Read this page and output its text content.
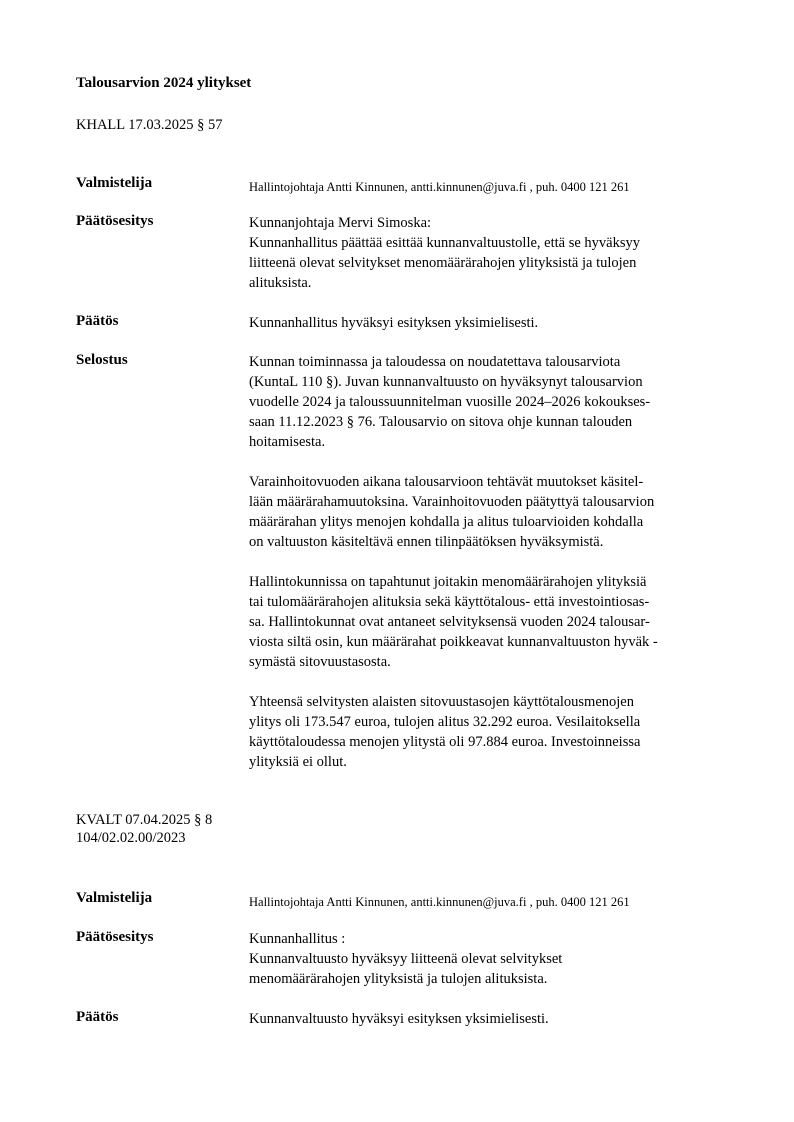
Talousarvion 2024 ylitykset
KHALL 17.03.2025 § 57
Valmistelija	Hallintojohtaja Antti Kinnunen, antti.kinnunen@juva.fi , puh. 0400 121 261
Päätösesitys	Kunnanjohtaja Mervi Simoska:

Kunnanhallitus päättää esittää kunnanvaltuustolle, että se hyväksyy

liitteenä olevat selvitykset menomäärärahojen ylityksistä ja tulojen

alituksista.

Päätös	Kunnanhallitus hyväksyi esityksen yksimielisesti.
Selostus	Kunnan toiminnassa ja taloudessa on noudatettava talousarviota

(KuntaL 110 §). Juvan kunnanvaltuusto on hyväksynyt talousarvion

vuodelle 2024 ja taloussuunnitelman vuosille 2024–2026 kokoukses-

saan 11.12.2023 § 76. Talousarvio on sitova ohje kunnan talouden

hoitamisesta.

Varainhoitovuoden aikana talousarvioon tehtävät muutokset käsitel-

lään määrärahamuutoksina. Varainhoitovuoden päätyttyä talousarvion

määrärahan ylitys menojen kohdalla ja alitus tuloarvioiden kohdalla

on valtuuston käsiteltävä ennen tilinpäätöksen hyväksymistä.

Hallintokunnissa on tapahtunut joitakin menomäärärahojen ylityksiä

tai tulomäärärahojen alituksia sekä käyttötalous- että investointiosas-

sa. Hallintokunnat ovat antaneet selvityksensä vuoden 2024 talousar-

viosta siltä osin, kun määrärahat poikkeavat kunnanvaltuuston hyväk -

symästä sitovuustasosta.

Yhteensä selvitysten alaisten sitovuustasojen käyttötalousmenojen

ylitys oli 173.547 euroa, tulojen alitus 32.292 euroa. Vesilaitoksella

käyttötaloudessa menojen ylitystä oli 97.884 euroa. Investoinneissa

ylityksiä ei ollut.

KVALT 07.04.2025 § 8
104/02.02.00/2023
Valmistelija	Hallintojohtaja Antti Kinnunen, antti.kinnunen@juva.fi , puh. 0400 121 261
Päätösesitys	Kunnanhallitus :

Kunnanvaltuusto hyväksyy liitteenä olevat selvitykset

menomäärärahojen ylityksistä ja tulojen alituksista.

Päätös	Kunnanvaltuusto hyväksyi esityksen yksimielisesti.
